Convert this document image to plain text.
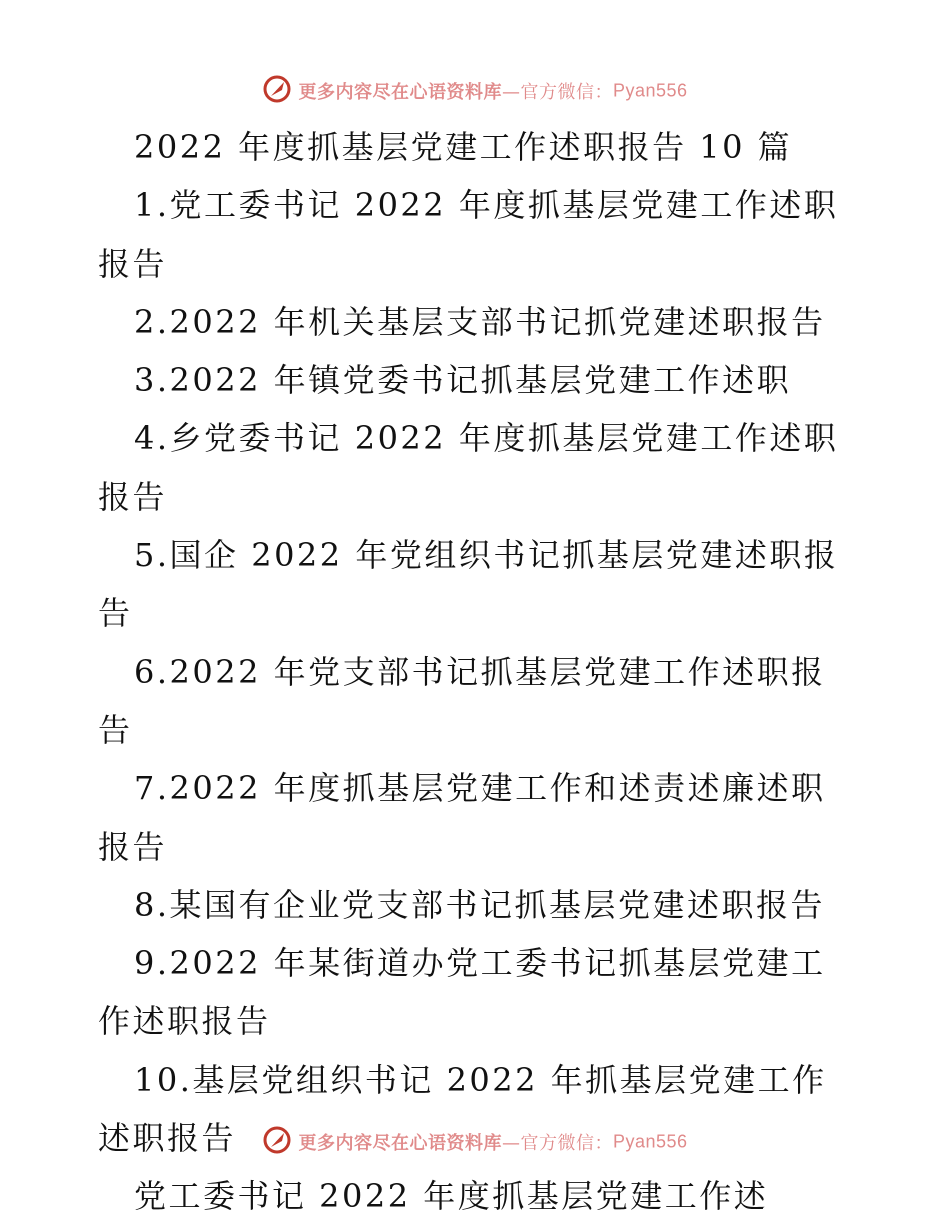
更多内容尽在心语资料库—官方微信：Pyan556

2022 年度抓基层党建工作述职报告 10 篇

1.党工委书记 2022 年度抓基层党建工作述职报告

2.2022 年机关基层支部书记抓党建述职报告

3.2022 年镇党委书记抓基层党建工作述职

4.乡党委书记 2022 年度抓基层党建工作述职报告

5.国企 2022 年党组织书记抓基层党建述职报告

6.2022 年党支部书记抓基层党建工作述职报告

7.2022 年度抓基层党建工作和述责述廉述职报告

8.某国有企业党支部书记抓基层党建述职报告

9.2022 年某街道办党工委书记抓基层党建工作述职报告

10.基层党组织书记 2022 年抓基层党建工作述职报告

党工委书记 2022 年度抓基层党建工作述

更多内容尽在心语资料库—官方微信：Pyan556
